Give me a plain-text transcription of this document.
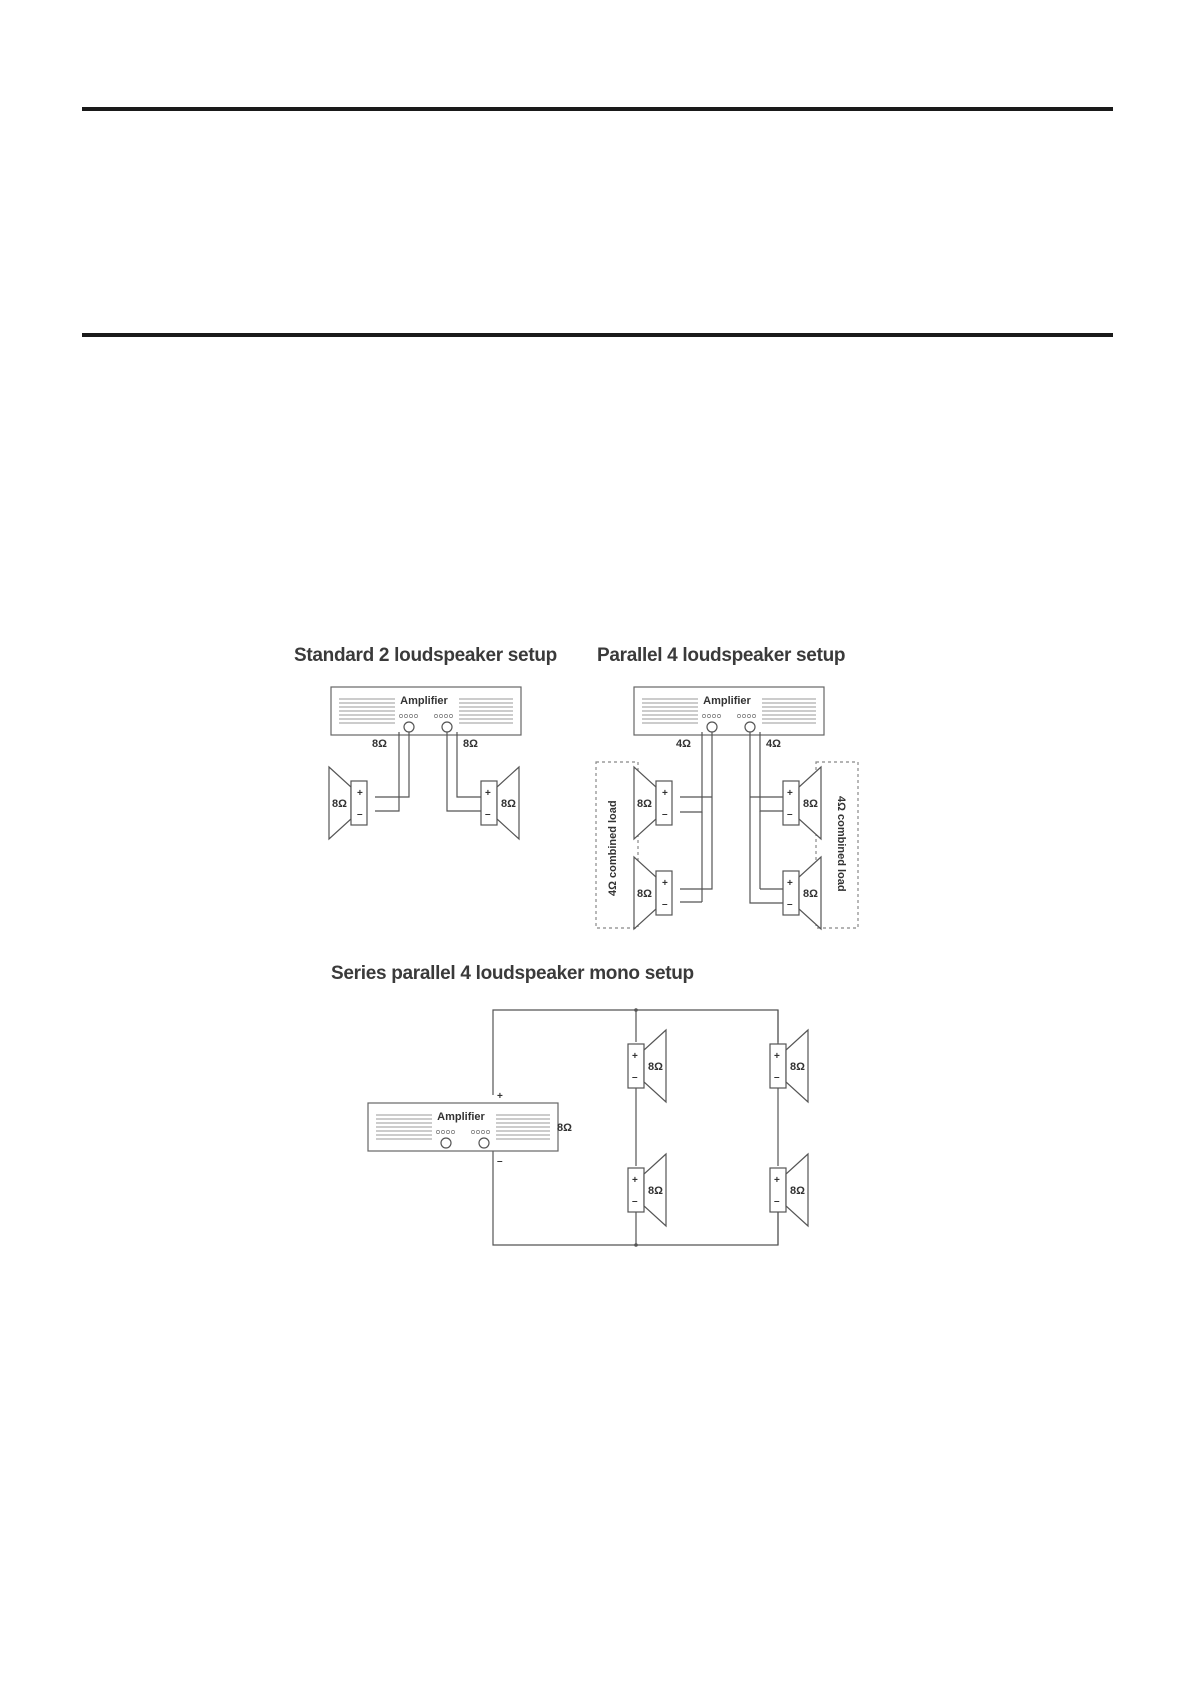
Standard 2 loudspeaker setup Parallel 4 loudspeaker setup
Series parallel 4 loudspeaker mono setup
Amplifier
8Ω	8Ω
8Ω	8Ω
+
–
+
–
Amplifier
4Ω	4Ω
8Ω
8Ω
8Ω
8Ω
+
–
+
–
+
–
+
–
4Ω combined load	4Ω combined load
Amplifier
+
–
8Ω
8Ω
8Ω
8Ω
8Ω
+
–
+
–
+
–
+
–
